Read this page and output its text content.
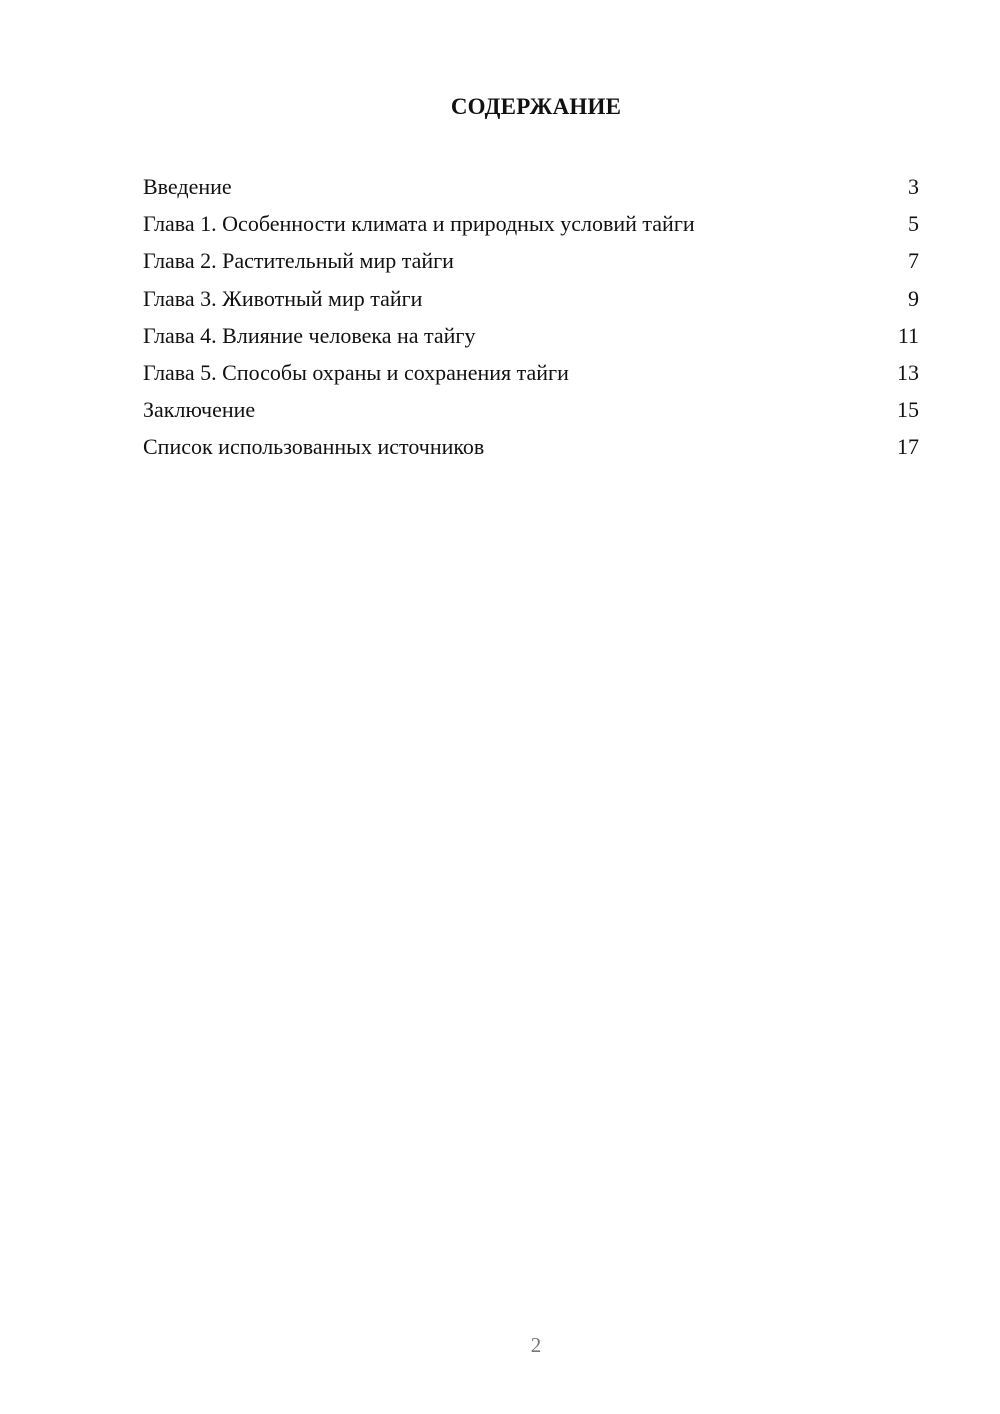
СОДЕРЖАНИЕ
Введение	3
Глава 1. Особенности климата и природных условий тайги	5
Глава 2. Растительный мир тайги	7
Глава 3. Животный мир тайги	9
Глава 4. Влияние человека на тайгу	11
Глава 5. Способы охраны и сохранения тайги	13
Заключение	15
Список использованных источников	17
2
